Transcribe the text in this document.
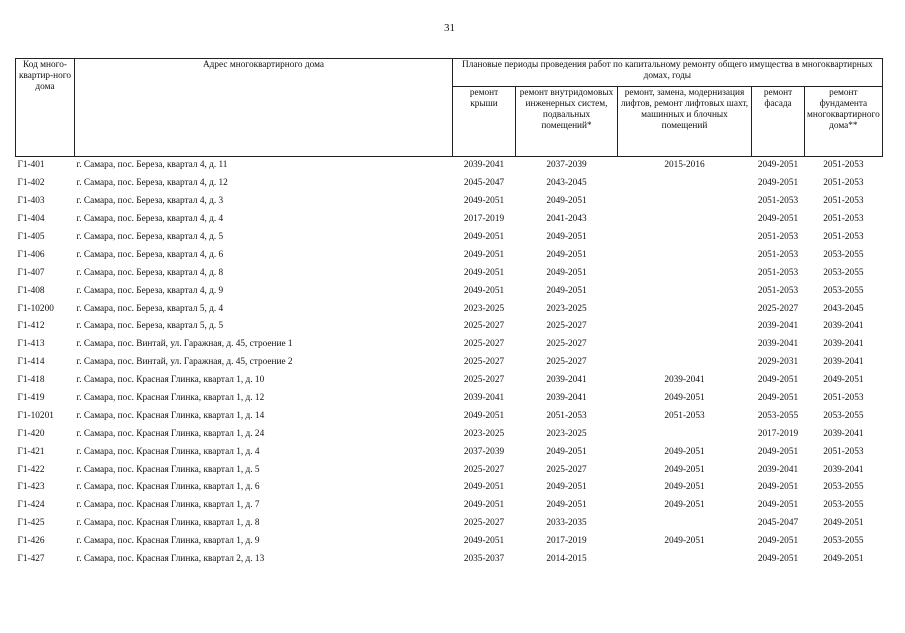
31
Код много-квартир-ного дома	Адрес многоквартирного дома	Плановые периоды проведения работ по капитальному ремонту общего имущества в многоквартирных домах, годы				
		ремонт крыши	ремонт внутридомовых инженерных систем, подвальных помещений*	ремонт, замена, модернизация лифтов, ремонт лифтовых шахт, машинных и блочных помещений	ремонт фасада	ремонт фундамента многоквартирного дома**
Г1-401	г. Самара, пос. Береза, квартал 4, д. 11	2039-2041	2037-2039	2015-2016	2049-2051	2051-2053
Г1-402	г. Самара, пос. Береза, квартал 4, д. 12	2045-2047	2043-2045		2049-2051	2051-2053
Г1-403	г. Самара, пос. Береза, квартал 4, д. 3	2049-2051	2049-2051		2051-2053	2051-2053
Г1-404	г. Самара, пос. Береза, квартал 4, д. 4	2017-2019	2041-2043		2049-2051	2051-2053
Г1-405	г. Самара, пос. Береза, квартал 4, д. 5	2049-2051	2049-2051		2051-2053	2051-2053
Г1-406	г. Самара, пос. Береза, квартал 4, д. 6	2049-2051	2049-2051		2051-2053	2053-2055
Г1-407	г. Самара, пос. Береза, квартал 4, д. 8	2049-2051	2049-2051		2051-2053	2053-2055
Г1-408	г. Самара, пос. Береза, квартал 4, д. 9	2049-2051	2049-2051		2051-2053	2053-2055
Г1-10200	г. Самара, пос. Береза, квартал 5, д. 4	2023-2025	2023-2025		2025-2027	2043-2045
Г1-412	г. Самара, пос. Береза, квартал 5, д. 5	2025-2027	2025-2027		2039-2041	2039-2041
Г1-413	г. Самара, пос. Винтай, ул. Гаражная, д. 45, строение 1	2025-2027	2025-2027		2039-2041	2039-2041
Г1-414	г. Самара, пос. Винтай, ул. Гаражная, д. 45, строение 2	2025-2027	2025-2027		2029-2031	2039-2041
Г1-418	г. Самара, пос. Красная Глинка, квартал 1, д. 10	2025-2027	2039-2041	2039-2041	2049-2051	2049-2051
Г1-419	г. Самара, пос. Красная Глинка, квартал 1, д. 12	2039-2041	2039-2041	2049-2051	2049-2051	2051-2053
Г1-10201	г. Самара, пос. Красная Глинка, квартал 1, д. 14	2049-2051	2051-2053	2051-2053	2053-2055	2053-2055
Г1-420	г. Самара, пос. Красная Глинка, квартал 1, д. 24	2023-2025	2023-2025		2017-2019	2039-2041
Г1-421	г. Самара, пос. Красная Глинка, квартал 1, д. 4	2037-2039	2049-2051	2049-2051	2049-2051	2051-2053
Г1-422	г. Самара, пос. Красная Глинка, квартал 1, д. 5	2025-2027	2025-2027	2049-2051	2039-2041	2039-2041
Г1-423	г. Самара, пос. Красная Глинка, квартал 1, д. 6	2049-2051	2049-2051	2049-2051	2049-2051	2053-2055
Г1-424	г. Самара, пос. Красная Глинка, квартал 1, д. 7	2049-2051	2049-2051	2049-2051	2049-2051	2053-2055
Г1-425	г. Самара, пос. Красная Глинка, квартал 1, д. 8	2025-2027	2033-2035		2045-2047	2049-2051
Г1-426	г. Самара, пос. Красная Глинка, квартал 1, д. 9	2049-2051	2017-2019	2049-2051	2049-2051	2053-2055
Г1-427	г. Самара, пос. Красная Глинка, квартал 2, д. 13	2035-2037	2014-2015		2049-2051	2049-2051
